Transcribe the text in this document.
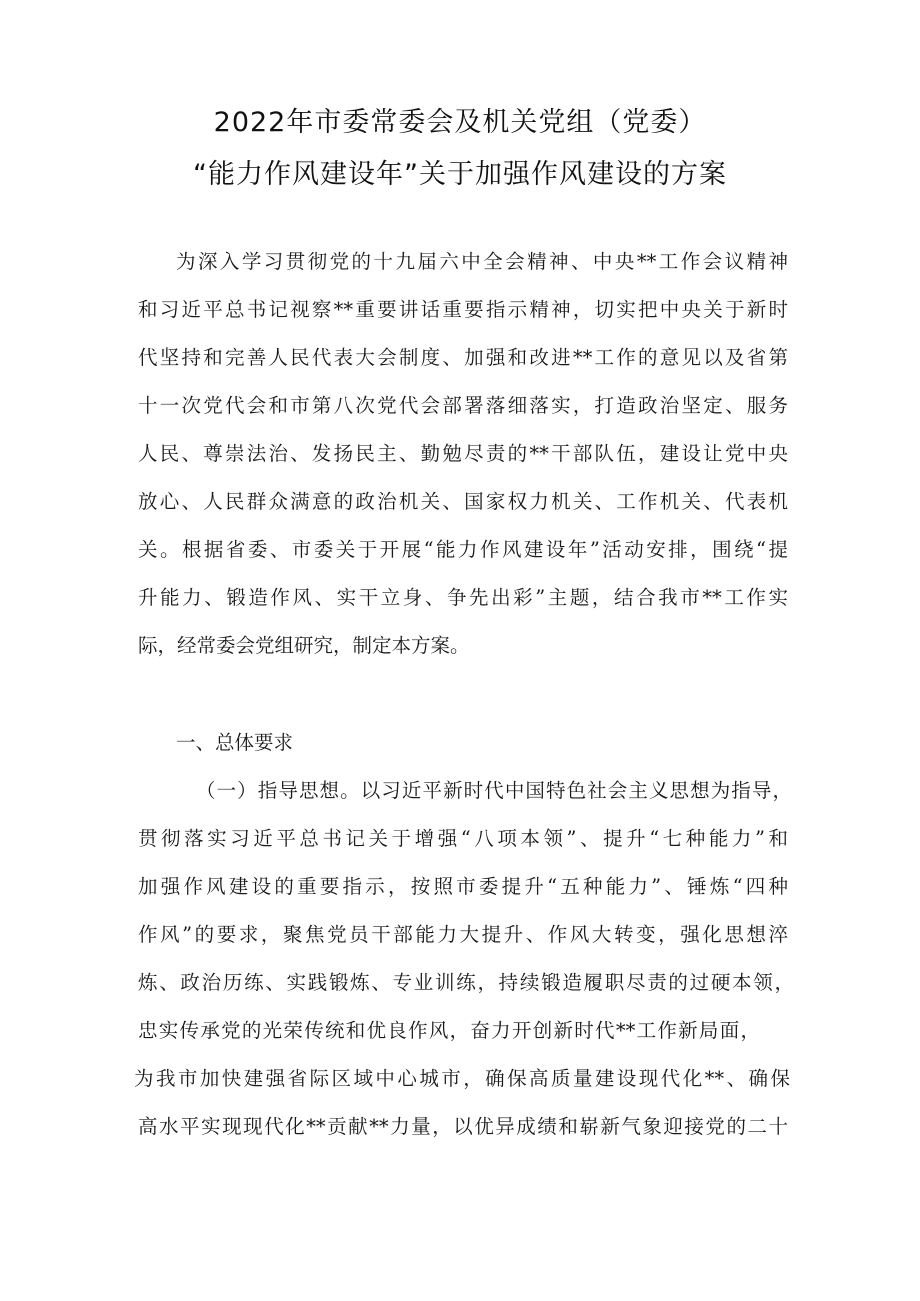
2022年市委常委会及机关党组（党委）
“能力作风建设年”关于加强作风建设的方案
为深入学习贯彻党的十九届六中全会精神、中央**工作会议精神
和习近平总书记视察**重要讲话重要指示精神，切实把中央关于新时
代坚持和完善人民代表大会制度、加强和改进**工作的意见以及省第
十一次党代会和市第八次党代会部署落细落实，打造政治坚定、服务
人民、尊崇法治、发扬民主、勤勉尽责的**干部队伍，建设让党中央
放心、人民群众满意的政治机关、国家权力机关、工作机关、代表机
关。根据省委、市委关于开展“能力作风建设年”活动安排，围绕“提
升能力、锻造作风、实干立身、争先出彩”主题，结合我市**工作实
际，经常委会党组研究，制定本方案。
一、总体要求
（一）指导思想。以习近平新时代中国特色社会主义思想为指导，
贯彻落实习近平总书记关于增强“八项本领”、提升“七种能力”和
加强作风建设的重要指示，按照市委提升“五种能力”、锤炼“四种
作风”的要求，聚焦党员干部能力大提升、作风大转变，强化思想淬
炼、政治历练、实践锻炼、专业训练，持续锻造履职尽责的过硬本领，
忠实传承党的光荣传统和优良作风，奋力开创新时代**工作新局面，
为我市加快建强省际区域中心城市，确保高质量建设现代化**、确保
高水平实现现代化**贡献**力量，以优异成绩和崭新气象迎接党的二十
